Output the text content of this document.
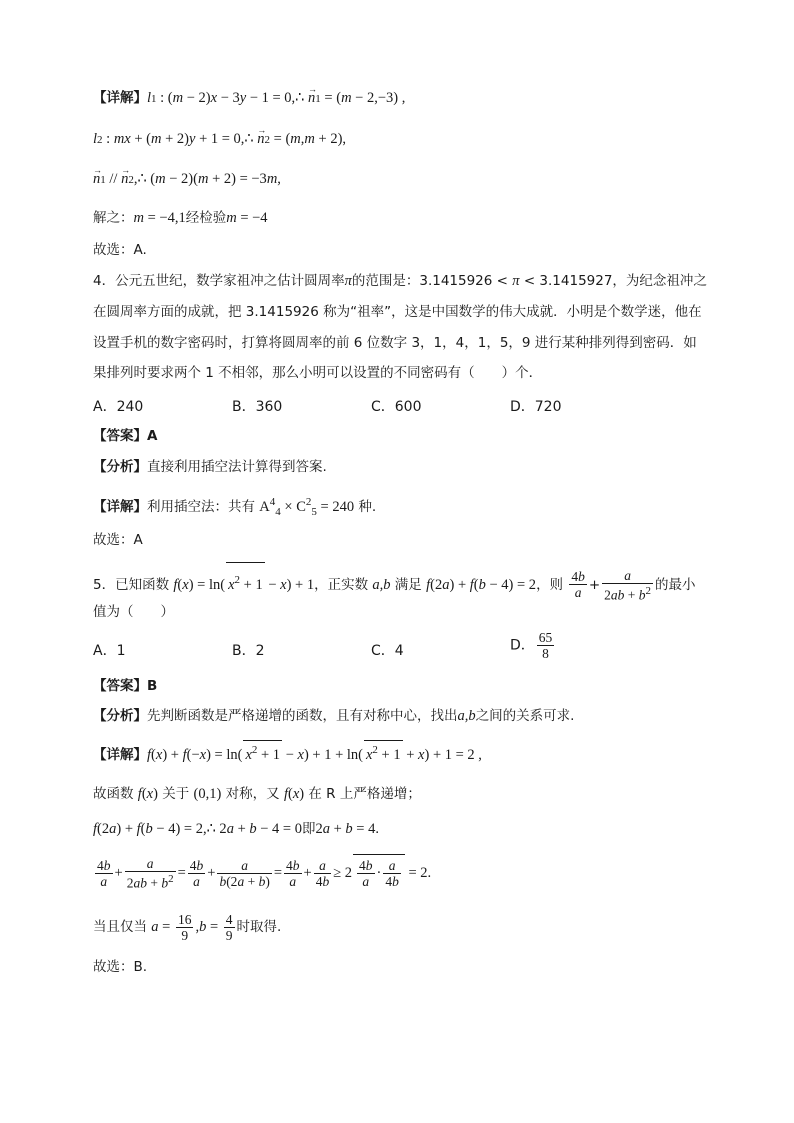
【详解】l1 : (m − 2)x − 3y − 1 = 0,∴ → n1 = (m − 2,−3) ,
l2 : mx + (m + 2)y + 1 = 0,∴ → n2 = (m,m + 2),
→ n1 // → n2,∴ (m − 2)(m + 2) = −3m,
解之：m = −4,1经检验m = −4
故选：A.
4．公元五世纪，数学家祖冲之估计圆周率π的范围是：3.1415926 < π < 3.1415927，为纪念祖冲之
在圆周率方面的成就，把 3.1415926 称为“祖率”，这是中国数学的伟大成就．小明是个数学迷，他在
设置手机的数字密码时，打算将圆周率的前 6 位数字 3，1，4，1，5，9 进行某种排列得到密码．如
果排列时要求两个 1 不相邻，那么小明可以设置的不同密码有（　　）个．
A．240	B．360	C．600	D．720
【答案】A
【分析】直接利用插空法计算得到答案.
【详解】利用插空法：共有 $A^4_4 \times C^2_5 = 240$ 种.
故选：A
5．已知函数 f(x) = ln( $x^2 + 1 - x) + 1$，正实数 a,b 满足 f(2a) + f(b − 4) = 2，则 $\frac{4b}{a} + \frac{a}{2ab + b^2}$ 的最小
值为（　　）
A．1	B．2	C．4	D． $\frac{65}{8}$
【答案】B
【分析】先判断函数是严格递增的函数，且有对称中心，找出a,b之间的关系可求.
【详解】f(x) + f(−x) = ln( $x^2 + 1 - x) + 1 + \ln$( $x^2 + 1 + x) + 1 = 2$ ,
故函数 f(x) 关于 (0,1) 对称，又 f(x) 在 R 上严格递增；
f(2a) + f(b − 4) = 2,∴ 2a + b − 4 = 0即2a + b = 4.
$\frac{4b}{a} + \frac{a}{2ab + b^2} = \frac{4b}{a} + \frac{a}{b(2a + b)} = \frac{4b}{a} + \frac{a}{4b} \ge 2 \frac{4b}{a} \cdot \frac{a}{4b} = 2$.
当且仅当 $a = \frac{16}{9} ,b = \frac{4}{9}$ 时取得.
故选：B.
